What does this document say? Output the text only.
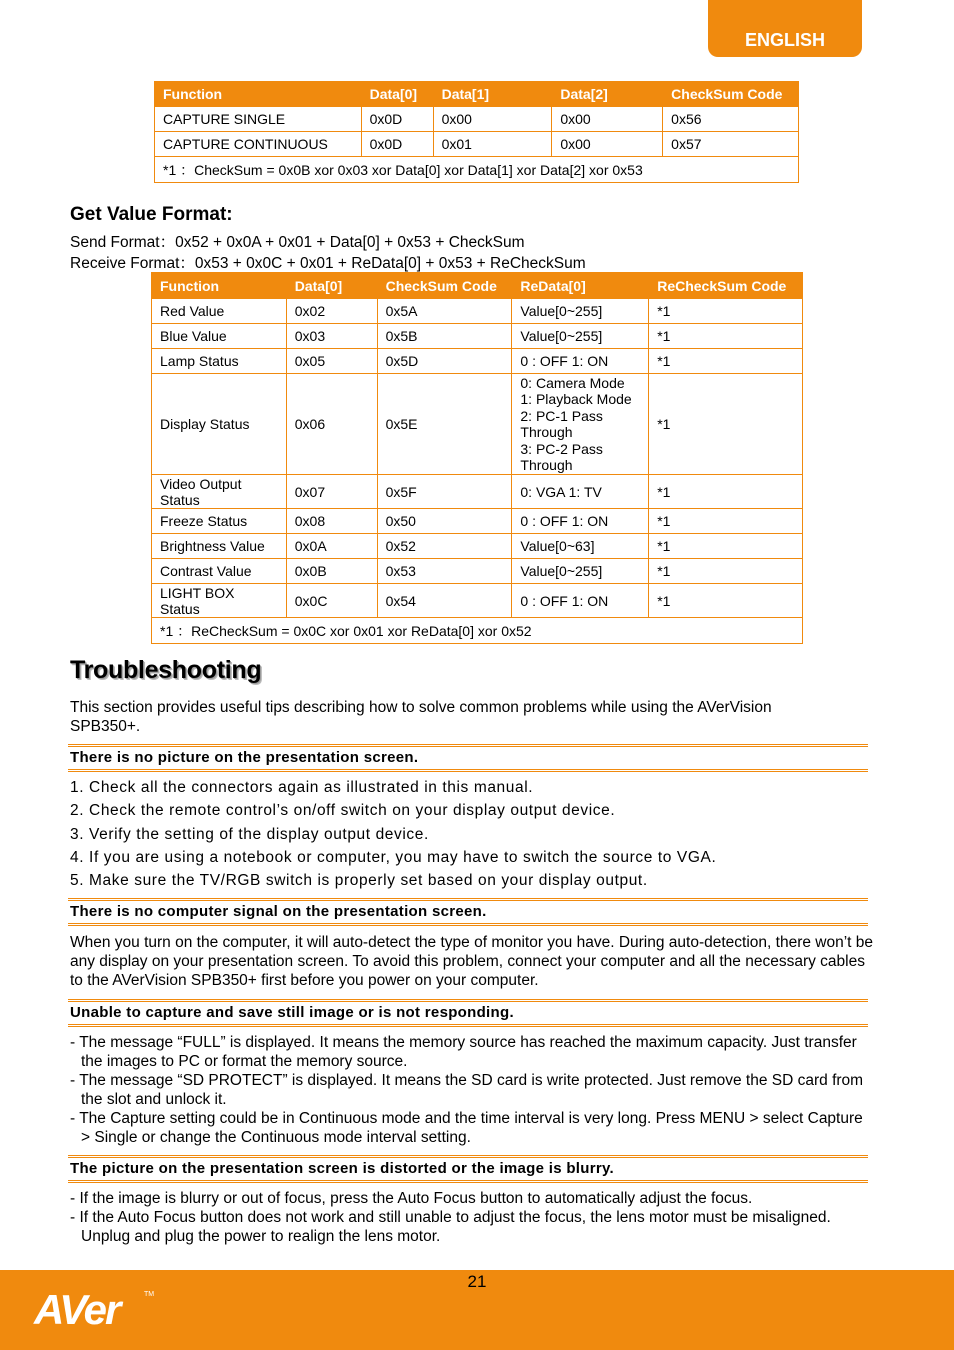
ENGLISH
Function	Data[0]	Data[1]	Data[2]	CheckSum Code
CAPTURE SINGLE	0x0D	0x00	0x00	0x56
CAPTURE CONTINUOUS	0x0D	0x01	0x00	0x57
*1 ：CheckSum = 0x0B xor 0x03 xor Data[0] xor Data[1] xor Data[2] xor 0x53				
Get Value Format:
Send Format：0x52 + 0x0A + 0x01 + Data[0] + 0x53 + CheckSum
Receive Format：0x53 + 0x0C + 0x01 + ReData[0] + 0x53 + ReCheckSum
Function	Data[0]	CheckSum Code	ReData[0]	ReCheckSum Code
Red Value	0x02	0x5A	Value[0~255]	*1
Blue Value	0x03	0x5B	Value[0~255]	*1
Lamp Status	0x05	0x5D	0 : OFF 1: ON	*1
Display Status	0x06	0x5E	0: Camera Mode
1: Playback Mode
2: PC-1 Pass Through
3: PC-2 Pass Through	*1
Video Output Status	0x07	0x5F	0: VGA 1: TV	*1
Freeze Status	0x08	0x50	0 : OFF 1: ON	*1
Brightness Value	0x0A	0x52	Value[0~63]	*1
Contrast Value	0x0B	0x53	Value[0~255]	*1
LIGHT BOX Status	0x0C	0x54	0 : OFF 1: ON	*1
*1 ：ReCheckSum = 0x0C xor 0x01 xor ReData[0] xor 0x52				
Troubleshooting
This section provides useful tips describing how to solve common problems while using the AVerVision SPB350+.
There is no picture on the presentation screen.
1. Check all the connectors again as illustrated in this manual.
2. Check the remote control’s on/off switch on your display output device.
3. Verify the setting of the display output device.
4. If you are using a notebook or computer, you may have to switch the source to VGA.
5. Make sure the TV/RGB switch is properly set based on your display output.
There is no computer signal on the presentation screen.
When you turn on the computer, it will auto-detect the type of monitor you have. During auto-detection, there won’t be any display on your presentation screen. To avoid this problem, connect your computer and all the necessary cables to the AVerVision SPB350+ first before you power on your computer.
Unable to capture and save still image or is not responding.
- The message “FULL” is displayed. It means the memory source has reached the maximum capacity. Just transfer the images to PC or format the memory source.
- The message “SD PROTECT” is displayed. It means the SD card is write protected. Just remove the SD card from the slot and unlock it.
- The Capture setting could be in Continuous mode and the time interval is very long. Press MENU > select Capture > Single or change the Continuous mode interval setting.
The picture on the presentation screen is distorted or the image is blurry.
- If the image is blurry or out of focus, press the Auto Focus button to automatically adjust the focus.
- If the Auto Focus button does not work and still unable to adjust the focus, the lens motor must be misaligned. Unplug and plug the power to realign the lens motor.
21
AVer	TM
